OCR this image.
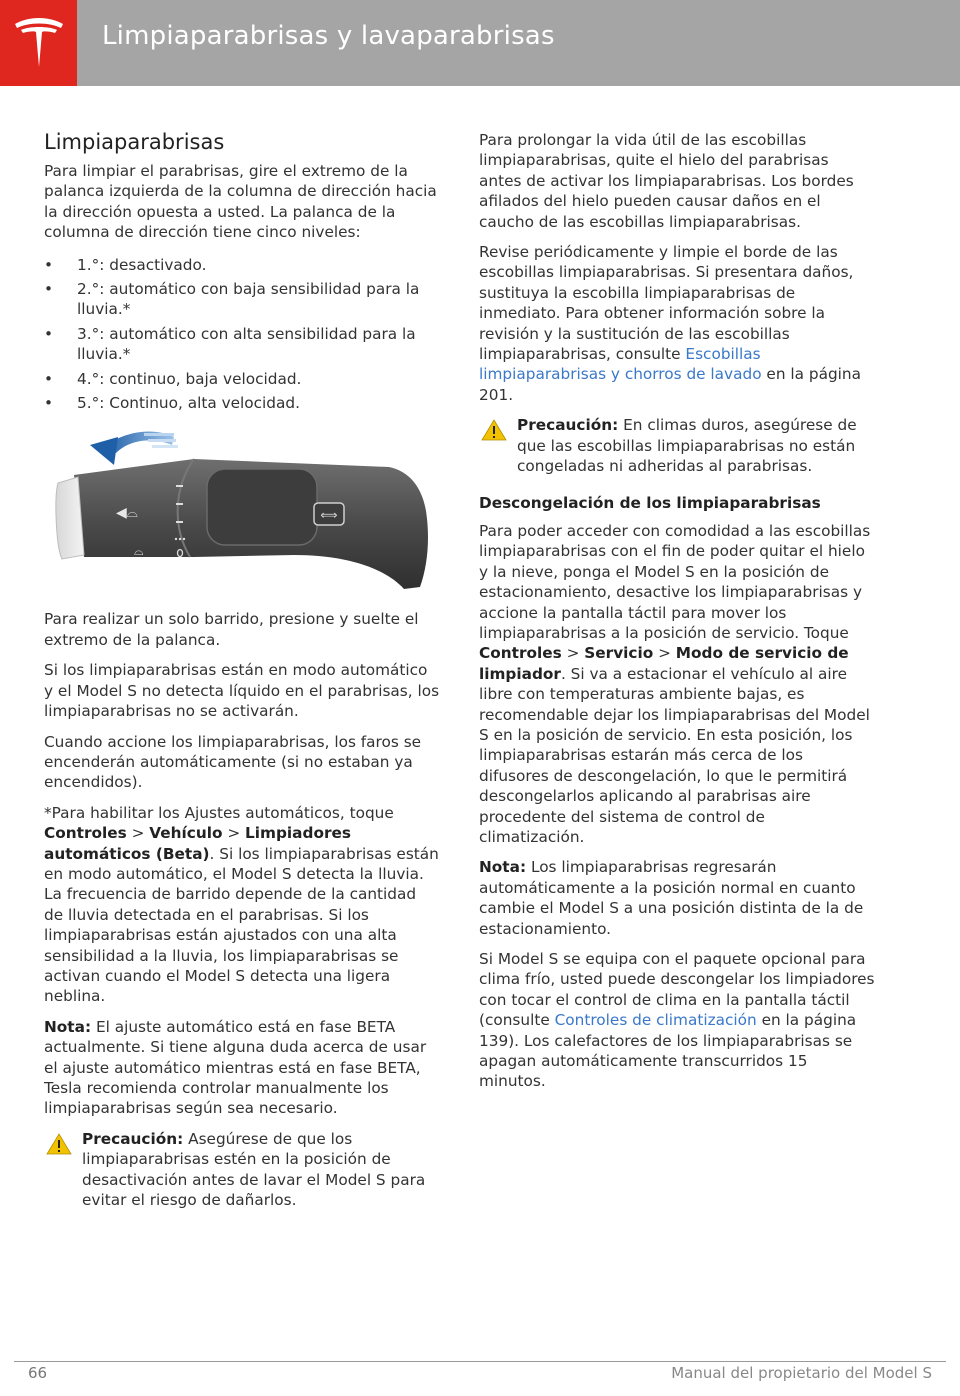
Limpiaparabrisas y lavaparabrisas
Limpiaparabrisas

Para limpiar el parabrisas, gire el extremo de la palanca izquierda de la columna de dirección hacia la dirección opuesta a usted. La palanca de la columna de dirección tiene cinco niveles:

• 1.°: desactivado.
• 2.°: automático con baja sensibilidad para la lluvia.*
• 3.°: automático con alta sensibilidad para la lluvia.*
• 4.°: continuo, baja velocidad.
• 5.°: Continuo, alta velocidad.
⟺
◀⌓
⌓

Para realizar un solo barrido, presione y suelte el extremo de la palanca.

Si los limpiaparabrisas están en modo automático y el Model S no detecta líquido en el parabrisas, los limpiaparabrisas no se activarán.

Cuando accione los limpiaparabrisas, los faros se encenderán automáticamente (si no estaban ya encendidos).

*Para habilitar los Ajustes automáticos, toque Controles > Vehículo > Limpiadores automáticos (Beta). Si los limpiaparabrisas están en modo automático, el Model S detecta la lluvia. La frecuencia de barrido depende de la cantidad de lluvia detectada en el parabrisas. Si los limpiaparabrisas están ajustados con una alta sensibilidad a la lluvia, los limpiaparabrisas se activan cuando el Model S detecta una ligera neblina.

Nota: El ajuste automático está en fase BETA actualmente. Si tiene alguna duda acerca de usar el ajuste automático mientras está en fase BETA, Tesla recomienda controlar manualmente los limpiaparabrisas según sea necesario.

Precaución: Asegúrese de que los limpiaparabrisas estén en la posición de desactivación antes de lavar el Model S para evitar el riesgo de dañarlos.

Para prolongar la vida útil de las escobillas limpiaparabrisas, quite el hielo del parabrisas antes de activar los limpiaparabrisas. Los bordes afilados del hielo pueden causar daños en el caucho de las escobillas limpiaparabrisas.

Revise periódicamente y limpie el borde de las escobillas limpiaparabrisas. Si presentara daños, sustituya la escobilla limpiaparabrisas de inmediato. Para obtener información sobre la revisión y la sustitución de las escobillas limpiaparabrisas, consulte Escobillas limpiaparabrisas y chorros de lavado en la página 201.

Precaución: En climas duros, asegúrese de que las escobillas limpiaparabrisas no están congeladas ni adheridas al parabrisas.
Descongelación de los limpiaparabrisas

Para poder acceder con comodidad a las escobillas limpiaparabrisas con el fin de poder quitar el hielo y la nieve, ponga el Model S en la posición de estacionamiento, desactive los limpiaparabrisas y accione la pantalla táctil para mover los limpiaparabrisas a la posición de servicio. Toque Controles > Servicio > Modo de servicio de limpiador. Si va a estacionar el vehículo al aire libre con temperaturas ambiente bajas, es recomendable dejar los limpiaparabrisas del Model S en la posición de servicio. En esta posición, los limpiaparabrisas estarán más cerca de los difusores de descongelación, lo que le permitirá descongelarlos aplicando al parabrisas aire procedente del sistema de control de climatización.

Nota: Los limpiaparabrisas regresarán automáticamente a la posición normal en cuanto cambie el Model S a una posición distinta de la de estacionamiento.

Si Model S se equipa con el paquete opcional para clima frío, usted puede descongelar los limpiadores con tocar el control de clima en la pantalla táctil (consulte Controles de climatización en la página 139). Los calefactores de los limpiaparabrisas se apagan automáticamente transcurridos 15 minutos.

66	Manual del propietario del Model S
